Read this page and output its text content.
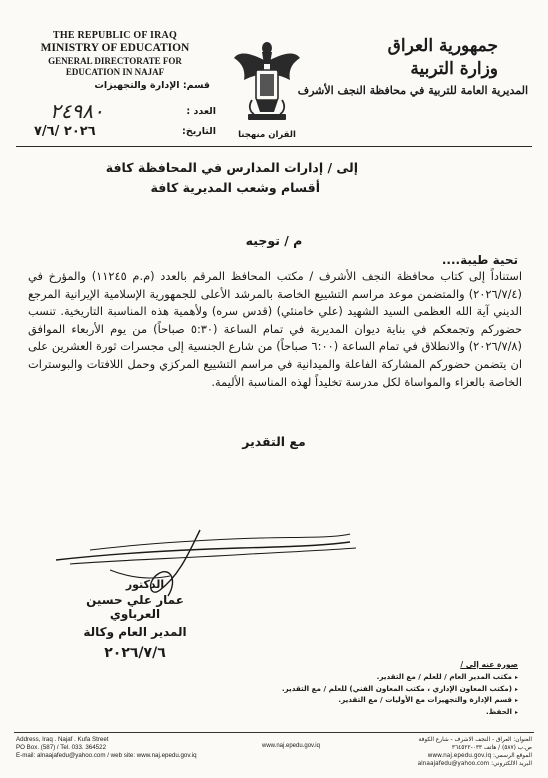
THE REPUBLIC OF IRAQ
MINISTRY OF EDUCATION
GENERAL DIRECTORATE FOR
EDUCATION IN NAJAF
قسم: الإدارة والتجهيزات
العدد :
٢٤٩٨٠
التاريخ:
٢٠٢٦ /٧/٦	القران منهجنا
جمهورية العراق
وزارة التربية
المديرية العامة للتربية في محافظة النجف الأشرف
إلى / إدارات المدارس في المحافظة كافة
أقسام وشعب المديرية كافة
م / توجيه
تحية طيبة....

استناداً إلى كتاب محافظة النجف الأشرف / مكتب المحافظ المرقم بالعدد (م.م ١١٢٤٥) والمؤرخ في (٢٠٢٦/٧/٤) والمتضمن موعد مراسم التشييع الخاصة بالمرشد الأعلى للجمهورية الإسلامية الإيرانية المرجع الديني آية الله العظمى السيد الشهيد (علي خامنئي) (قدس سره) ولأهمية هذه المناسبة التاريخية. تنسب حضوركم وتجمعكم في بناية ديوان المديرية في تمام الساعة (٥:٣٠ صباحاً) من يوم الأربعاء الموافق (٢٠٢٦/٧/٨) والانطلاق في تمام الساعة (٦:٠٠ صباحاً) من شارع الجنسية إلى مجسرات ثورة العشرين على ان يتضمن حضوركم المشاركة الفاعلة والميدانية في مراسم التشييع المركزي وحمل اللافتات والبوسترات الخاصة بالعزاء والمواساة لكل مدرسة تخليداً لهذه المناسبة الأليمة.

مع التقدير
الدكتور
عمار علي حسين العرباوي
المدير العام وكالة
٢٠٢٦/٧/٦
صورة عنه إلى /
▸ مكتب المدير العام / للعلم / مع التقدير.
▸ (مكتب المعاون الإداري ، مكتب المعاون الفني) للعلم / مع التقدير.
▸ قسم الإدارة والتجهيزات مع الأوليات / مع التقدير.
▸ الحفظ.
Address, Iraq . Najaf . Kufa Street
PO Box. (587) / Tel. 033. 364522
E-mail: alnaajafedu@yahoo.com / web site: www.naj.epedu.gov.iq
www.naj.epedu.gov.iq
العنوان: العراق - النجف الاشرف - شارع الكوفة
ص.ب (٥٨٧) / هاتف ٠٣٣-٣٦٤٥٢٢
الموقع الرسمي: www.naj.epedu.gov.iq
البريد الالكتروني: alnaajafedu@yahoo.com
